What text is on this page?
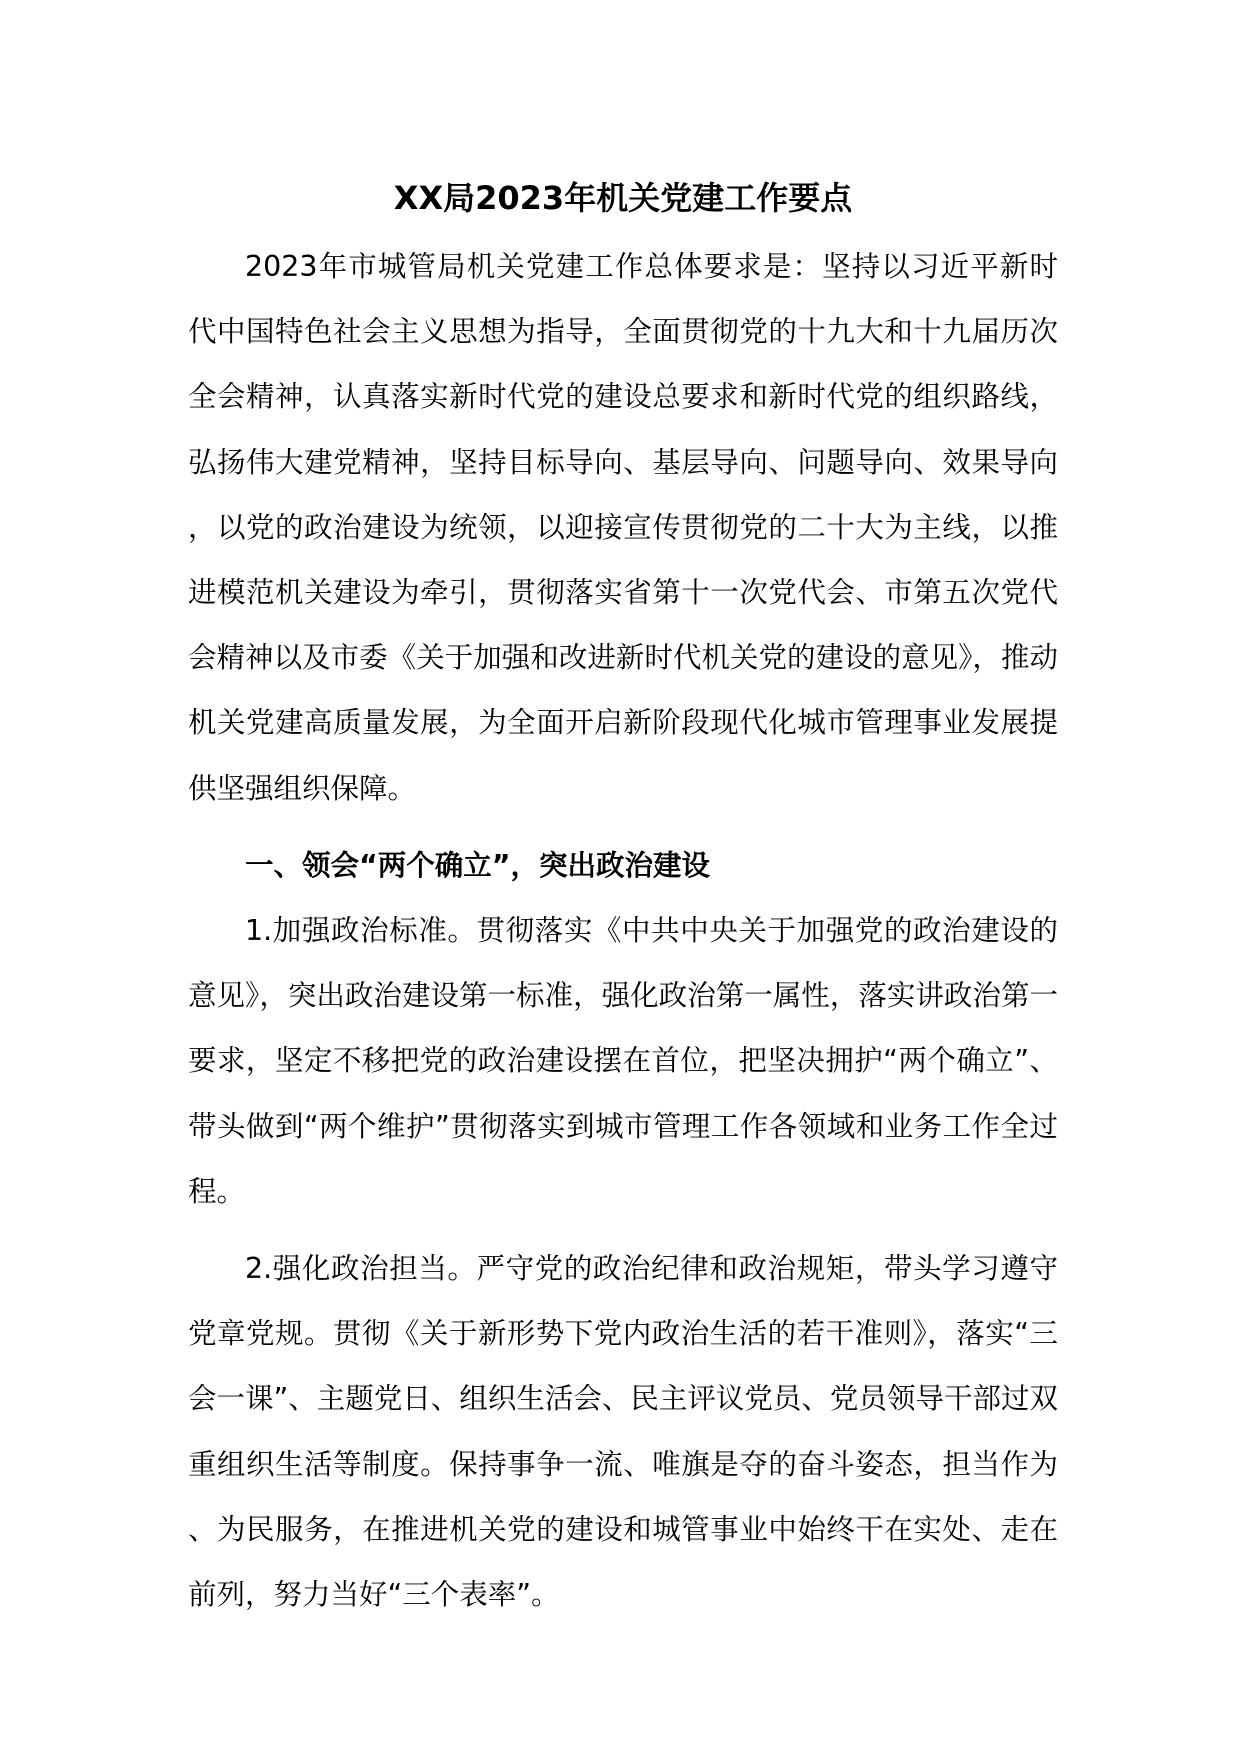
XX局2023年机关党建工作要点

2023年市城管局机关党建工作总体要求是：坚持以习近平新时代中国特色社会主义思想为指导，全面贯彻党的十九大和十九届历次全会精神，认真落实新时代党的建设总要求和新时代党的组织路线，弘扬伟大建党精神，坚持目标导向、基层导向、问题导向、效果导向，以党的政治建设为统领，以迎接宣传贯彻党的二十大为主线，以推进模范机关建设为牵引，贯彻落实省第十一次党代会、市第五次党代会精神以及市委《关于加强和改进新时代机关党的建设的意见》，推动机关党建高质量发展，为全面开启新阶段现代化城市管理事业发展提供坚强组织保障。

一、领会“两个确立”，突出政治建设

1.加强政治标准。贯彻落实《中共中央关于加强党的政治建设的意见》，突出政治建设第一标准，强化政治第一属性，落实讲政治第一要求，坚定不移把党的政治建设摆在首位，把坚决拥护“两个确立”、带头做到“两个维护”贯彻落实到城市管理工作各领域和业务工作全过程。

2.强化政治担当。严守党的政治纪律和政治规矩，带头学习遵守党章党规。贯彻《关于新形势下党内政治生活的若干准则》，落实“三会一课”、主题党日、组织生活会、民主评议党员、党员领导干部过双重组织生活等制度。保持事争一流、唯旗是夺的奋斗姿态，担当作为、为民服务，在推进机关党的建设和城管事业中始终干在实处、走在前列，努力当好“三个表率”。
